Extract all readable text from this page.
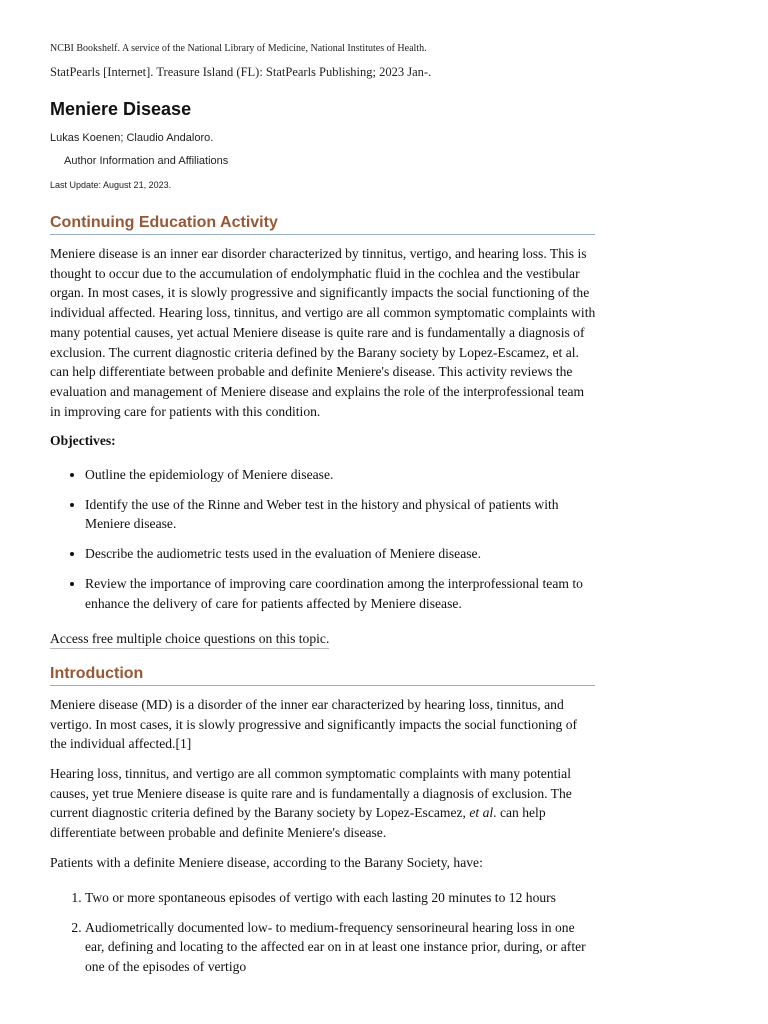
NCBI Bookshelf. A service of the National Library of Medicine, National Institutes of Health.
StatPearls [Internet]. Treasure Island (FL): StatPearls Publishing; 2023 Jan-.
Meniere Disease
Lukas Koenen; Claudio Andaloro.
Author Information and Affiliations
Last Update: August 21, 2023.
Continuing Education Activity

Meniere disease is an inner ear disorder characterized by tinnitus, vertigo, and hearing loss. This is thought to occur due to the accumulation of endolymphatic fluid in the cochlea and the vestibular organ. In most cases, it is slowly progressive and significantly impacts the social functioning of the individual affected. Hearing loss, tinnitus, and vertigo are all common symptomatic complaints with many potential causes, yet actual Meniere disease is quite rare and is fundamentally a diagnosis of exclusion. The current diagnostic criteria defined by the Barany society by Lopez-Escamez, et al. can help differentiate between probable and definite Meniere's disease. This activity reviews the evaluation and management of Meniere disease and explains the role of the interprofessional team in improving care for patients with this condition.

Objectives:

• Outline the epidemiology of Meniere disease.
• Identify the use of the Rinne and Weber test in the history and physical of patients with Meniere disease.
• Describe the audiometric tests used in the evaluation of Meniere disease.
• Review the importance of improving care coordination among the interprofessional team to enhance the delivery of care for patients affected by Meniere disease.
Access free multiple choice questions on this topic.
Introduction

Meniere disease (MD) is a disorder of the inner ear characterized by hearing loss, tinnitus, and vertigo. In most cases, it is slowly progressive and significantly impacts the social functioning of the individual affected.[1]

Hearing loss, tinnitus, and vertigo are all common symptomatic complaints with many potential causes, yet true Meniere disease is quite rare and is fundamentally a diagnosis of exclusion. The current diagnostic criteria defined by the Barany society by Lopez-Escamez, et al. can help differentiate between probable and definite Meniere's disease.

Patients with a definite Meniere disease, according to the Barany Society, have:

1. Two or more spontaneous episodes of vertigo with each lasting 20 minutes to 12 hours
2. Audiometrically documented low- to medium-frequency sensorineural hearing loss in one ear, defining and locating to the affected ear on in at least one instance prior, during, or after one of the episodes of vertigo
